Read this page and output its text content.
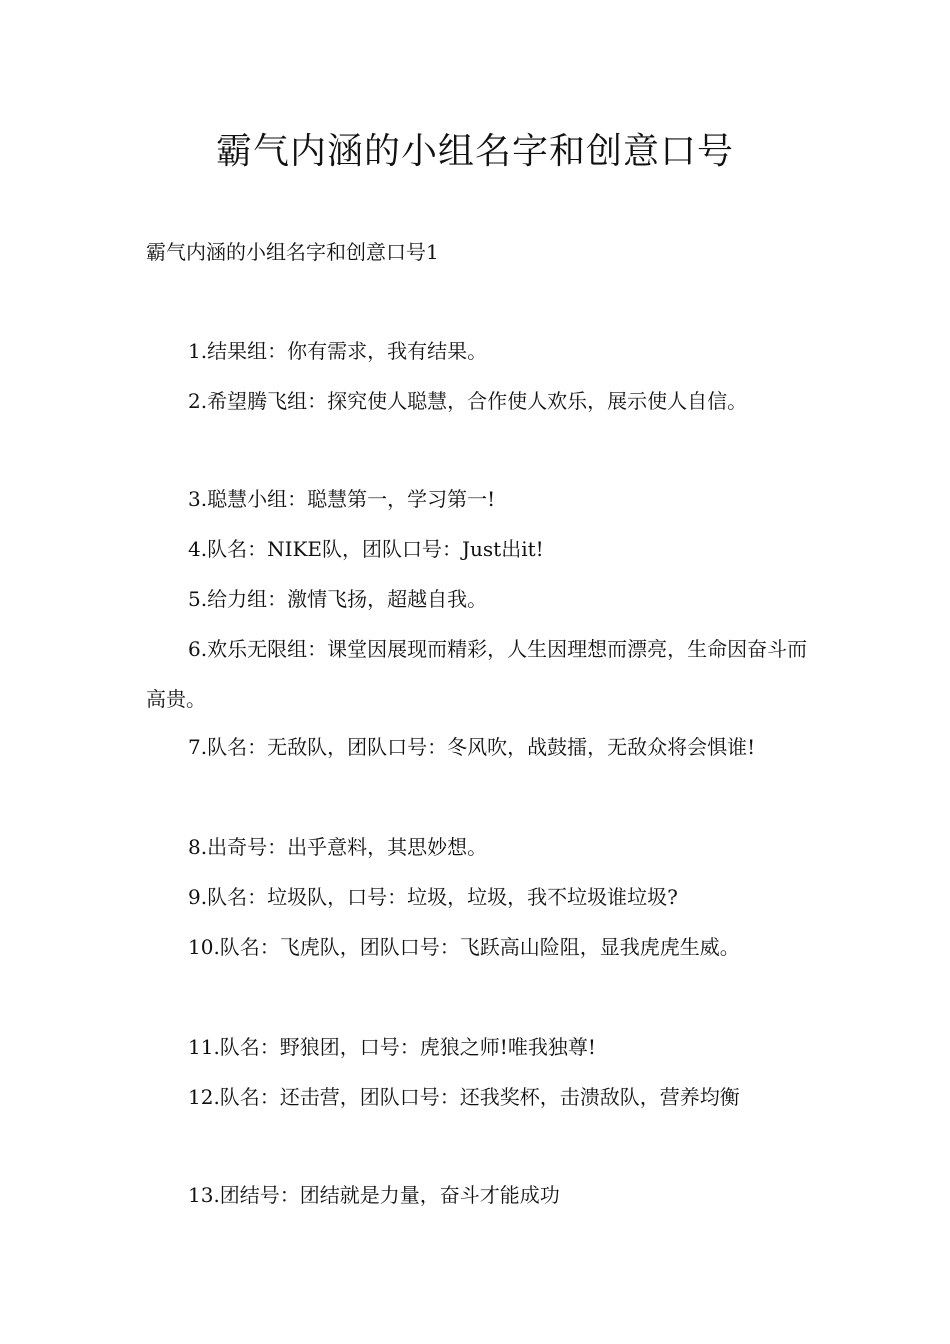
霸气内涵的小组名字和创意口号

霸气内涵的小组名字和创意口号1

1.结果组：你有需求，我有结果。

2.希望腾飞组：探究使人聪慧，合作使人欢乐，展示使人自信。

3.聪慧小组：聪慧第一，学习第一!

4.队名：NIKE队，团队口号：Just出it!

5.给力组：激情飞扬，超越自我。

6.欢乐无限组：课堂因展现而精彩，人生因理想而漂亮，生命因奋斗而高贵。

7.队名：无敌队，团队口号：冬风吹，战鼓擂，无敌众将会惧谁!

8.出奇号：出乎意料，其思妙想。

9.队名：垃圾队，口号：垃圾，垃圾，我不垃圾谁垃圾?

10.队名：飞虎队，团队口号：飞跃高山险阻，显我虎虎生威。

11.队名：野狼团，口号：虎狼之师!唯我独尊!

12.队名：还击营，团队口号：还我奖杯，击溃敌队，营养均衡

13.团结号：团结就是力量，奋斗才能成功
